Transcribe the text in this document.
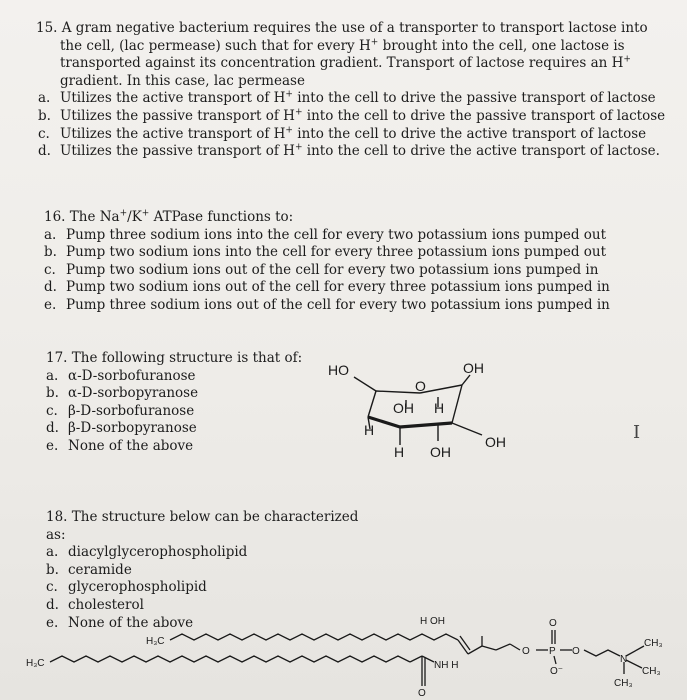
15. A gram negative bacterium requires the use of a transporter to transport lactose into the cell, (lac permease) such that for every H+ brought into the cell, one lactose is transported against its concentration gradient. Transport of lactose requires an H+ gradient. In this case, lac permease

a. Utilizes the active transport of H+ into the cell to drive the passive transport of lactose
b. Utilizes the passive transport of H+ into the cell to drive the passive transport of lactose
c. Utilizes the active transport of H+ into the cell to drive the active transport of lactose
d. Utilizes the passive transport of H+ into the cell to drive the active transport of lactose.

16. The Na+/K+ ATPase functions to:

a. Pump three sodium ions into the cell for every two potassium ions pumped out
b. Pump two sodium ions into the cell for every three potassium ions pumped out
c. Pump two sodium ions out of the cell for every two potassium ions pumped in
d. Pump two sodium ions out of the cell for every three potassium ions pumped in
e. Pump three sodium ions out of the cell for every two potassium ions pumped in

17. The following structure is that of:

a. α-D-sorbofuranose
b. α-D-sorbopyranose
c. β-D-sorbofuranose
d. β-D-sorbopyranose
e. None of the above
HO
O
OH
OH H
H
H OH
OH	I

18. The structure below can be characterized as:

a. diacylglycerophospholipid
b. ceramide
c. glycerophospholipid
d. cholesterol
e. None of the above
H₃C
H₃C
H OH
NH H
O
O P
O
O⁻
O
N
CH₃
CH₃
CH₃
